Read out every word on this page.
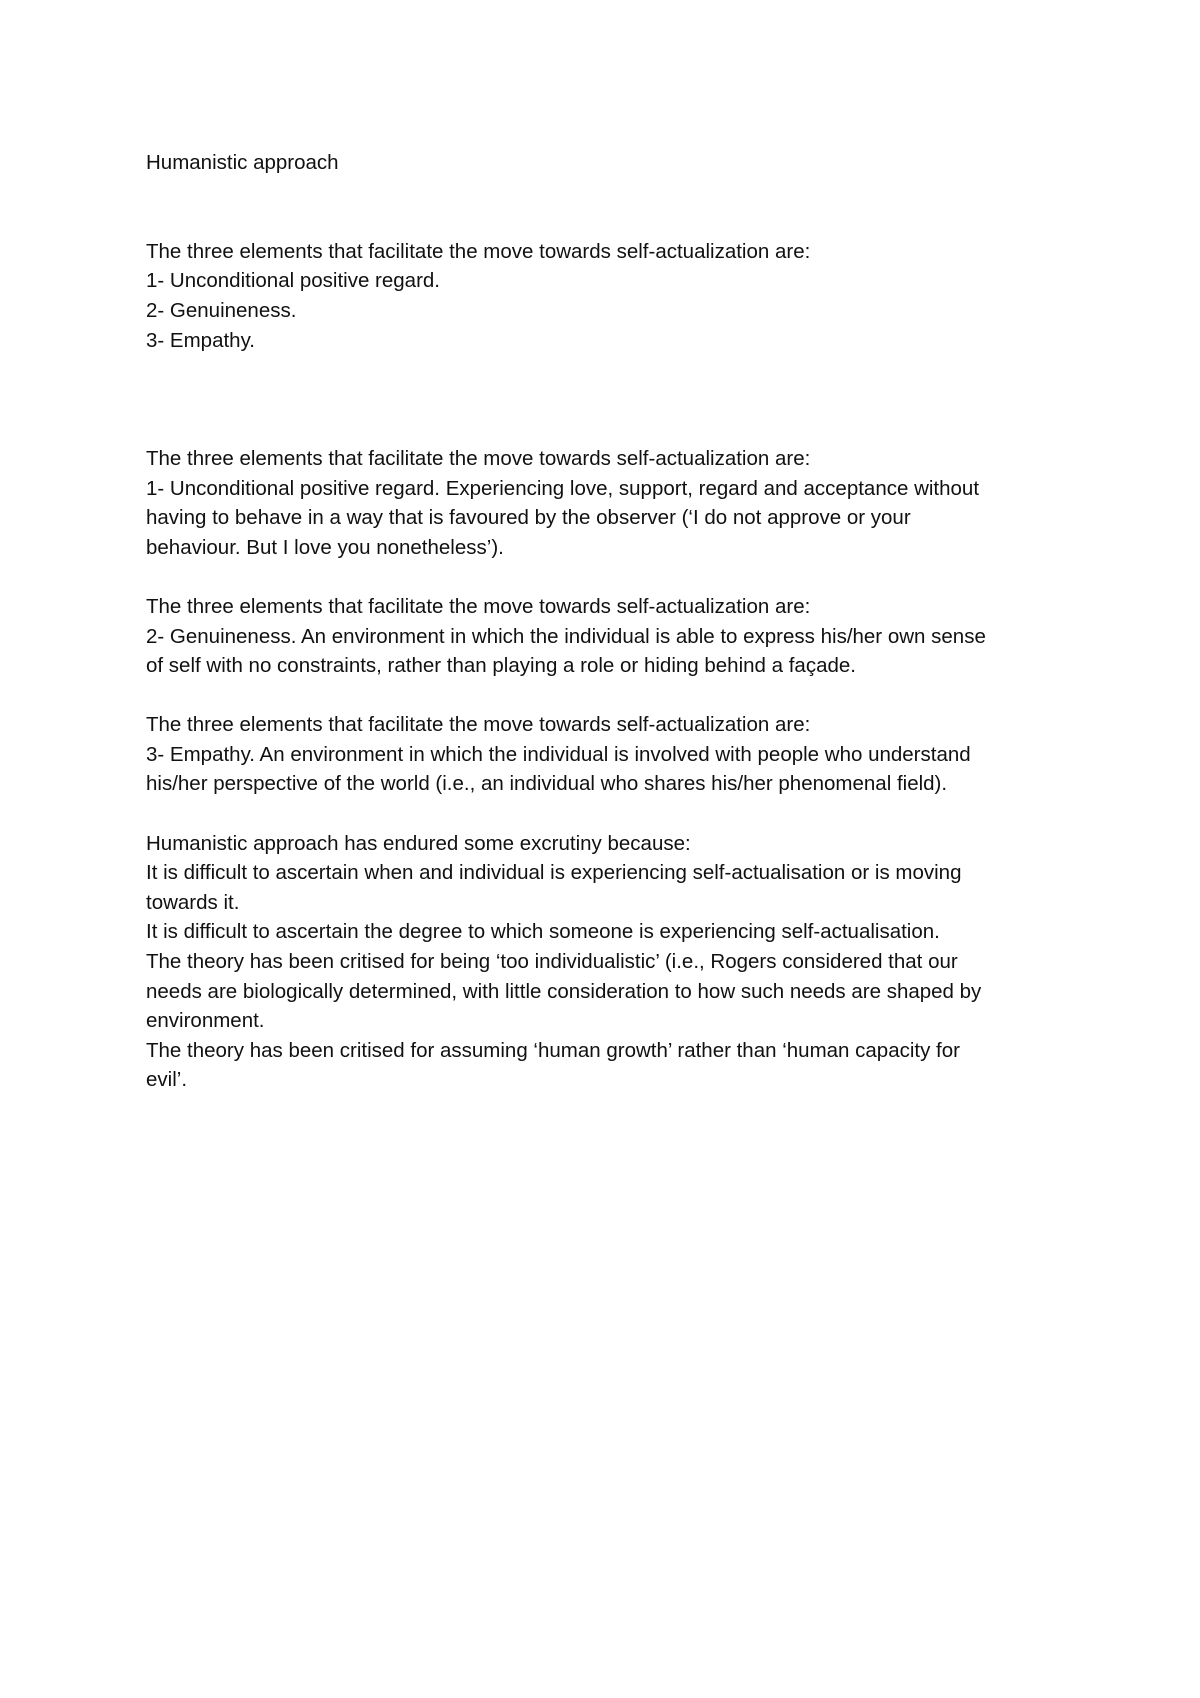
Humanistic approach

The three elements that facilitate the move towards self-actualization are:

1- Unconditional positive regard.

2- Genuineness.

3- Empathy.

The three elements that facilitate the move towards self-actualization are:

1- Unconditional positive regard. Experiencing love, support, regard and acceptance without

having to behave in a way that is favoured by the observer (‘I do not approve or your

behaviour. But I love you nonetheless’).

The three elements that facilitate the move towards self-actualization are:

2- Genuineness. An environment in which the individual is able to express his/her own sense

of self with no constraints, rather than playing a role or hiding behind a façade.

The three elements that facilitate the move towards self-actualization are:

3- Empathy. An environment in which the individual is involved with people who understand

his/her perspective of the world (i.e., an individual who shares his/her phenomenal field).

Humanistic approach has endured some excrutiny because:

It is difficult to ascertain when and individual is experiencing self-actualisation or is moving

towards it.

It is difficult to ascertain the degree to which someone is experiencing self-actualisation.

The theory has been critised for being ‘too individualistic’ (i.e., Rogers considered that our

needs are biologically determined, with little consideration to how such needs are shaped by

environment.

The theory has been critised for assuming ‘human growth’ rather than ‘human capacity for

evil’.
